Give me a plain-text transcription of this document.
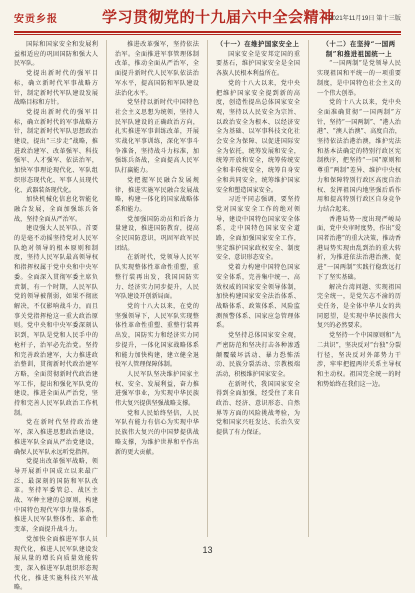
安贡乡报	学习贯彻党的十九届六中全会精神
2021年11月19日 第十三版

国际和国家安全和发展利益相适应的巩固国防和强大人民军队。

党提出新时代的强军目标，确立新时代军事战略方针，制定新时代军队建设发展战略目标和方针。

党提出新时代的强军目标，确立新时代的军事战略方针，制定新时代军队思想政治建设，提出“三步走”战略，推进政治建军、改革强军、科技强军、人才强军、依法治军，加快军事理论现代化、军队组织形态现代化、军事人员现代化、武器装备现代化。

加快机械化信息化智能化融合发展，全面加强练兵备战，坚持全面从严治军。

建设强大人民军队。首要的是毫不动摇坚持党对人民军队绝对领导的根本原则和制度，坚持人民军队最高领导权和指挥权属于党中央和中央军委。全面深入贯彻军委主席负责制，有一个时期，人民军队党的领导被削弱，如果不彻底解决，不仅影响战斗力，而且事关党指挥枪这一重大政治原则。党中央和中央军委深刻认识到，军队是党和人民手中的枪杆子，治军必先治党。坚持和完善政治建军，大力推进政治整训，贯彻新时代政治建军方略，全面贯彻新时代政治建军工作，提出和强化军队党的建设，推进全面从严治党，坚持和完善人民军队政治工作机制。

党在新时代坚持政治建军，深入推进思想政治建设，推进军队全面从严治党建设，确保人民军队永远听党指挥。

党提出改革强军战略，领导开展新中国成立以来最广泛、最深刻的国防和军队改革。坚持军委管总、战区主战、军种主建的总原则，构建中国特色现代军事力量体系，推进人民军队整体性、革命性变革，全面提升战斗力。

党加快全面推进军事人员现代化，推进人民军队建设发展从量的增长向质量效能转变，深入推进军队组织形态现代化，推进实施科技兴军战略。

推进改革强军，坚持依法治军。全面推进军事管理体制改革，推动全面从严治军，全面提升新时代人民军队依法治军水平，提高国防和军队建设法治化水平。

党坚持以新时代中国特色社会主义思想为统领，坚持人民军队建设的正确政治方向，扎实推进军事训练改革，开展实战化军事训练，深化军事斗争准备，坚持战斗力标准，加强练兵备战，全面提高人民军队打赢能力。

党把握军民融合发展规律，推进实施军民融合发展战略，构建一体化的国家战略体系和能力。

党加强国防动员和后备力量建设，推进国防教育，提高全民国防意识，巩固军政军民团结。

在新时代，党领导人民军队实现整体性革命性重塑，重整行装再出发，我国国防实力、经济实力同步提升，人民军队建设开创新局面。

党的十八大以来，在党的坚强领导下，人民军队实现整体性革命性重塑、重整行装再出发，国防实力和经济实力同步提升，一体化国家战略体系和能力加快构建，建立健全退役军人管理保障体制。

人民军队坚决维护国家主权、安全、发展利益，奋力推进强军事业，为实现中华民族伟大复兴提供坚强战略支撑。

党和人民始终坚信，人民军队有能力有信心为实现中华民族伟大复兴的中国梦提供战略支撑，为维护世界和平作出新的更大贡献。

（十一）在维护国家安全上

国家安全是安邦定国的重要基石，维护国家安全是全国各族人民根本利益所在。

党的十八大以来，党中央把维护国家安全提到新的高度，创造性提出总体国家安全观，坚持以人民安全为宗旨、以政治安全为根本、以经济安全为基础、以军事科技文化社会安全为保障、以促进国际安全为依托，统筹发展和安全，统筹开放和安全，统筹传统安全和非传统安全，统筹自身安全和共同安全，统筹维护国家安全和塑造国家安全。

习近平同志强调，要坚持党对国家安全工作的绝对领导，建设中国特色国家安全体系，走中国特色国家安全道路，全面加强国家安全工作，坚定维护国家政权安全、制度安全、意识形态安全。

党着力构建中国特色国家安全体系，完善集中统一、高效权威的国家安全领导体制，加快构建国家安全法治体系、战略体系、政策体系、风险监测预警体系、国家应急管理体系。

党坚持总体国家安全观，严密防范和坚决打击各种渗透颠覆破坏活动、暴力恐怖活动、民族分裂活动、宗教极端活动，积极维护国家安全。

在新时代，我国国家安全得到全面加强，经受住了来自政治、经济、意识形态、自然界等方面的风险挑战考验，为党和国家兴旺发达、长治久安提供了有力保证。

（十二）在坚持“一国两制”和推进祖国统一上

“一国两制”是党领导人民实现祖国和平统一的一项重要制度，是中国特色社会主义的一个伟大创举。

党的十八大以来，党中央全面准确贯彻“一国两制”方针，坚持“一国两制”、“港人治港”、“澳人治澳”、高度自治，坚持依法治港治澳，维护宪法和基本法确定的特别行政区宪制秩序，把坚持“一国”原则和尊重“两制”差异、维护中央权力和保障特别行政区高度自治权、发挥祖国内地坚强后盾作用和提高特别行政区自身竞争力结合起来。

香港局势一度出现严峻局面，党中央审时度势，作出“爱国者治港”的重大决策，推动香港局势实现由乱到治的重大转折，为推进依法治港治澳、促进“一国两制”实践行稳致远打下了坚实基础。

解决台湾问题、实现祖国完全统一，是党矢志不渝的历史任务，是全体中华儿女的共同愿望，是实现中华民族伟大复兴的必然要求。

党坚持一个中国原则和“九二共识”，坚决反对“台独”分裂行径，坚决反对外部势力干涉，牢牢把握两岸关系主导权和主动权。祖国完全统一的时和势始终在我们这一边。

13
